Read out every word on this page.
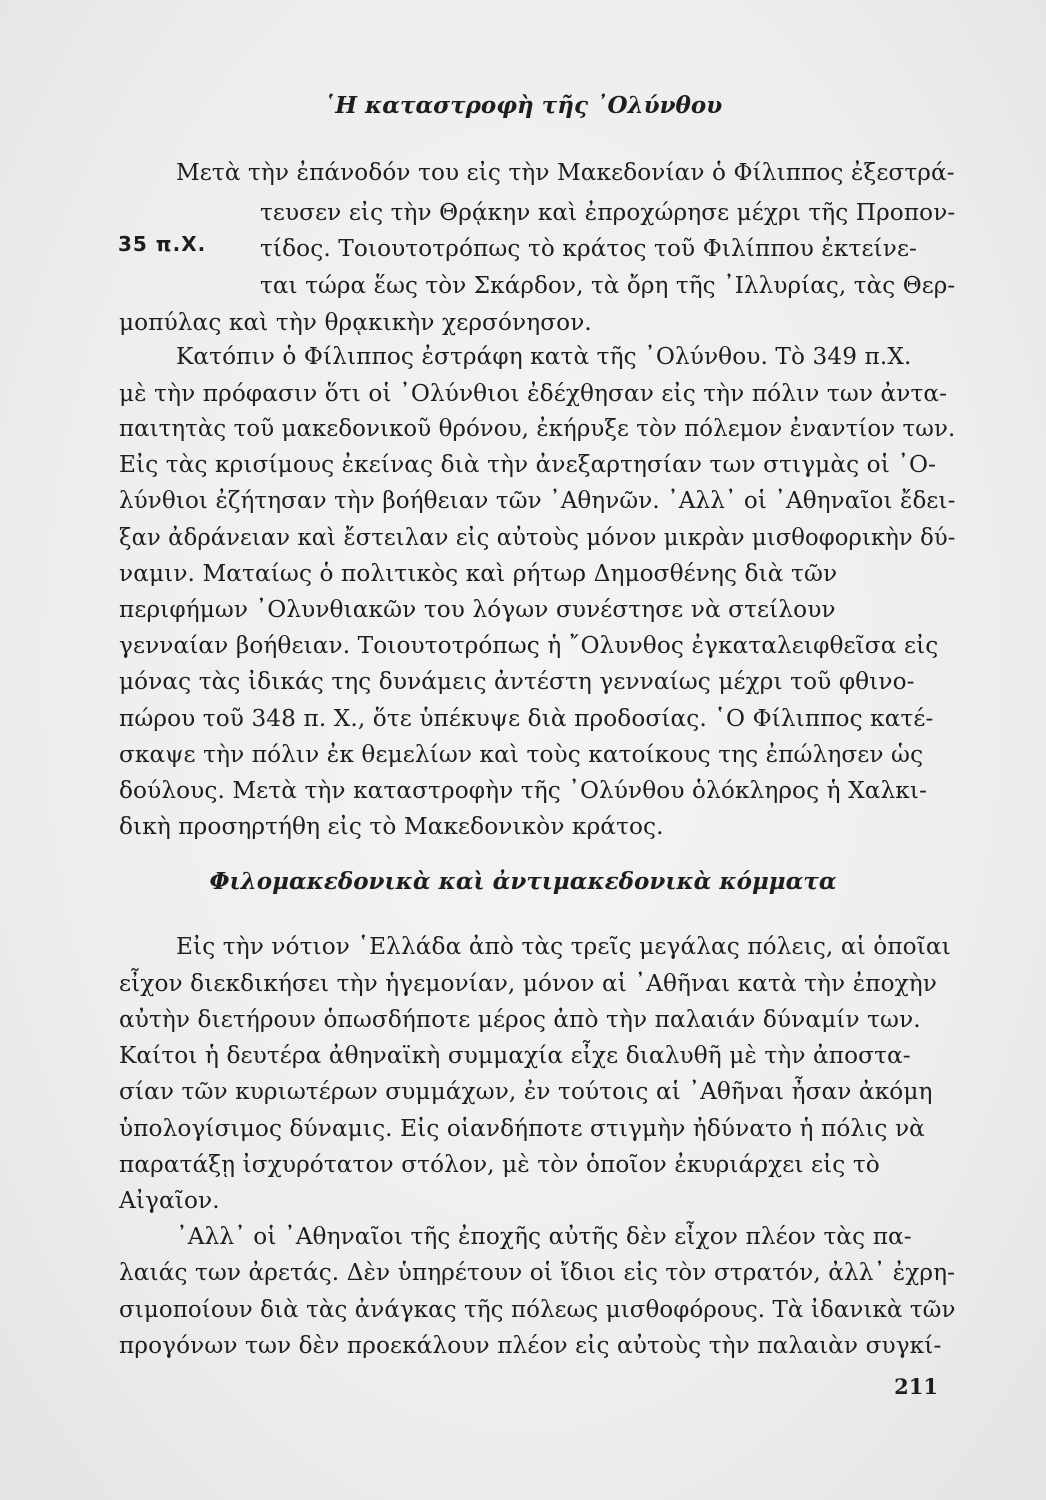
῾Η καταστροφὴ τῆς ᾿Ολύνθου

35 π.Χ.

Μετὰ τὴν ἐπάνοδόν του εἰς τὴν Μακεδονίαν ὁ Φίλιππος ἐξεστρά-

τευσεν εἰς τὴν Θρᾴκην καὶ ἐπροχώρησε μέχρι τῆς Προπον-

τίδος. Τοιουτοτρόπως τὸ κράτος τοῦ Φιλίππου ἐκτείνε-

ται τώρα ἕως τὸν Σκάρδον, τὰ ὄρη τῆς ᾿Ιλλυρίας, τὰς Θερ-

μοπύλας καὶ τὴν θρᾳκικὴν χερσόνησον.

Κατόπιν ὁ Φίλιππος ἐστράφη κατὰ τῆς ᾿Ολύνθου. Τὸ 349 π.Χ.

μὲ τὴν πρόφασιν ὅτι οἱ ᾿Ολύνθιοι ἐδέχθησαν εἰς τὴν πόλιν των ἀντα-

παιτητὰς τοῦ μακεδονικοῦ θρόνου, ἐκήρυξε τὸν πόλεμον ἐναντίον των.

Εἰς τὰς κρισίμους ἐκείνας διὰ τὴν ἀνεξαρτησίαν των στιγμὰς οἱ ᾿Ο-

λύνθιοι ἐζήτησαν τὴν βοήθειαν τῶν ᾿Αθηνῶν. ᾿Αλλ᾿ οἱ ᾿Αθηναῖοι ἔδει-

ξαν ἀδράνειαν καὶ ἔστειλαν εἰς αὐτοὺς μόνον μικρὰν μισθοφορικὴν δύ-

ναμιν. Ματαίως ὁ πολιτικὸς καὶ ρήτωρ Δημοσθένης διὰ τῶν

περιφήμων ᾿Ολυνθιακῶν του λόγων συνέστησε νὰ στείλουν

γενναίαν βοήθειαν. Τοιουτοτρόπως ἡ ῎Ολυνθος ἐγκαταλειφθεῖσα εἰς

μόνας τὰς ἰδικάς της δυνάμεις ἀντέστη γενναίως μέχρι τοῦ φθινο-

πώρου τοῦ 348 π. Χ., ὅτε ὑπέκυψε διὰ προδοσίας. ῾Ο Φίλιππος κατέ-

σκαψε τὴν πόλιν ἐκ θεμελίων καὶ τοὺς κατοίκους της ἐπώλησεν ὡς

δούλους. Μετὰ τὴν καταστροφὴν τῆς ᾿Ολύνθου ὁλόκληρος ἡ Χαλκι-

δικὴ προσηρτήθη εἰς τὸ Μακεδονικὸν κράτος.

Φιλομακεδονικὰ καὶ ἀντιμακεδονικὰ κόμματα

Εἰς τὴν νότιον ῾Ελλάδα ἀπὸ τὰς τρεῖς μεγάλας πόλεις, αἱ ὁποῖαι

εἶχον διεκδικήσει τὴν ἡγεμονίαν, μόνον αἱ ᾿Αθῆναι κατὰ τὴν ἐποχὴν

αὐτὴν διετήρουν ὁπωσδήποτε μέρος ἀπὸ τὴν παλαιάν δύναμίν των.

Καίτοι ἡ δευτέρα ἀθηναϊκὴ συμμαχία εἶχε διαλυθῆ μὲ τὴν ἀποστα-

σίαν τῶν κυριωτέρων συμμάχων, ἐν τούτοις αἱ ᾿Αθῆναι ἦσαν ἀκόμη

ὑπολογίσιμος δύναμις. Εἰς οἱανδήποτε στιγμὴν ἠδύνατο ἡ πόλις νὰ

παρατάξῃ ἰσχυρότατον στόλον, μὲ τὸν ὁποῖον ἐκυριάρχει εἰς τὸ

Αἰγαῖον.

᾿Αλλ᾿ οἱ ᾿Αθηναῖοι τῆς ἐποχῆς αὐτῆς δὲν εἶχον πλέον τὰς πα-

λαιάς των ἀρετάς. Δὲν ὑπηρέτουν οἱ ἴδιοι εἰς τὸν στρατόν, ἀλλ᾿ ἐχρη-

σιμοποίουν διὰ τὰς ἀνάγκας τῆς πόλεως μισθοφόρους. Τὰ ἰδανικὰ τῶν

προγόνων των δὲν προεκάλουν πλέον εἰς αὐτοὺς τὴν παλαιὰν συγκί-

211
